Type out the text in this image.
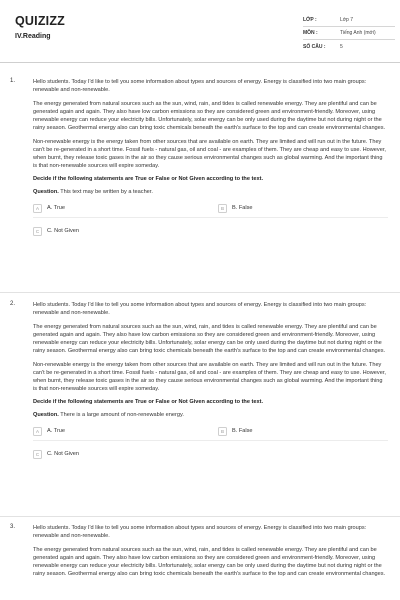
QUIZIZZ
IV.Reading
LỚP :	Lớp 7
MÔN :	Tiếng Anh (mới)
SỐ CÂU :	5
1.	Hello students. Today I'd like to tell you some information about types and sources of energy. Energy is classified into two main groups: renewable and non-renewable.

The energy generated from natural sources such as the sun, wind, rain, and tides is called renewable energy. They are plentiful and can be generated again and again. They also have low carbon emissions so they are considered green and environment-friendly. Moreover, using renewable energy can reduce your electricity bills. Unfortunately, solar energy can be only used during the daytime but not during night or the rainy season. Geothermal energy also can bring toxic chemicals beneath the earth's surface to the top and can create environmental changes.

Non-renewable energy is the energy taken from other sources that are available on earth. They are limited and will run out in the future. They can't be re-generated in a short time. Fossil fuels - natural gas, oil and coal - are examples of them. They are cheap and easy to use. However, when burnt, they release toxic gases in the air so they cause serious environmental changes such as global warming. And the important thing is that non-renewable sources will expire someday.

Decide if the following statements are True or False or Not Given according to the text.

Question. This text may be written by a teacher.

A	A. True	B	B. False
C	C. Not Given
2.	Hello students. Today I'd like to tell you some information about types and sources of energy. Energy is classified into two main groups: renewable and non-renewable.

The energy generated from natural sources such as the sun, wind, rain, and tides is called renewable energy. They are plentiful and can be generated again and again. They also have low carbon emissions so they are considered green and environment-friendly. Moreover, using renewable energy can reduce your electricity bills. Unfortunately, solar energy can be only used during the daytime but not during night or the rainy season. Geothermal energy also can bring toxic chemicals beneath the earth's surface to the top and can create environmental changes.

Non-renewable energy is the energy taken from other sources that are available on earth. They are limited and will run out in the future. They can't be re-generated in a short time. Fossil fuels - natural gas, oil and coal - are examples of them. They are cheap and easy to use. However, when burnt, they release toxic gases in the air so they cause serious environmental changes such as global warming. And the important thing is that non-renewable sources will expire someday.

Decide if the following statements are True or False or Not Given according to the text.

Question. There is a large amount of non-renewable energy.

A	A. True	B	B. False
C	C. Not Given
3.	Hello students. Today I'd like to tell you some information about types and sources of energy. Energy is classified into two main groups: renewable and non-renewable.

The energy generated from natural sources such as the sun, wind, rain, and tides is called renewable energy. They are plentiful and can be generated again and again. They also have low carbon emissions so they are considered green and environment-friendly. Moreover, using renewable energy can reduce your electricity bills. Unfortunately, solar energy can be only used during the daytime but not during night or the rainy season. Geothermal energy also can bring toxic chemicals beneath the earth's surface to the top and can create environmental changes.
